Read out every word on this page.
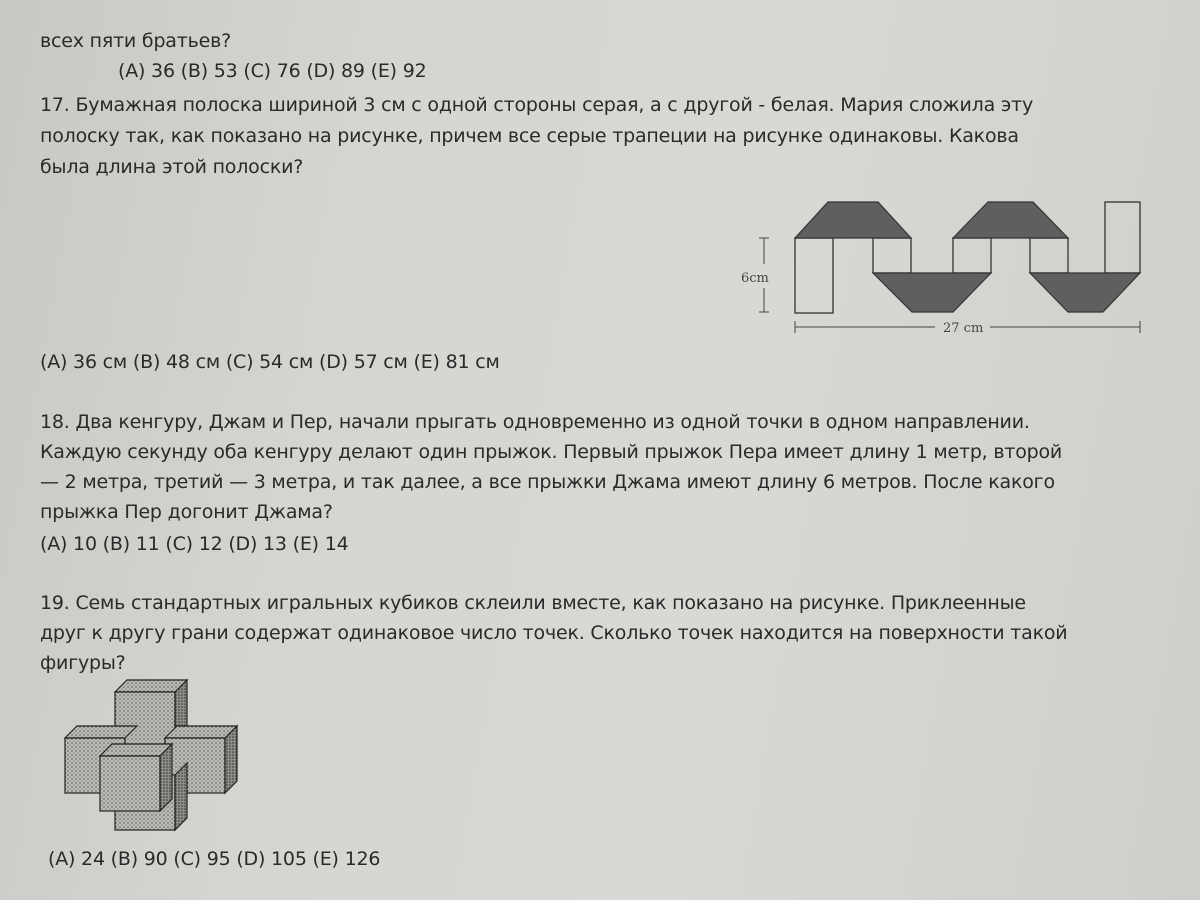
всех пяти братьев?
(A) 36 (B) 53 (C) 76 (D) 89 (E) 92
17. Бумажная полоска шириной 3 см с одной стороны серая, а с другой - белая. Мария сложила эту
полоску так, как показано на рисунке, причем все серые трапеции на рисунке одинаковы. Какова
была длина этой полоски?
6cm
27 cm
(A) 36 см (B) 48 см (C) 54 см (D) 57 см (E) 81 см
18. Два кенгуру, Джам и Пер, начали прыгать одновременно из одной точки в одном направлении.
Каждую секунду оба кенгуру делают один прыжок. Первый прыжок Пера имеет длину 1 метр, второй
— 2 метра, третий — 3 метра, и так далее, а все прыжки Джама имеют длину 6 метров. После какого
прыжка Пер догонит Джама?
(A) 10 (B) 11 (C) 12 (D) 13 (E) 14
19. Семь стандартных игральных кубиков склеили вместе, как показано на рисунке. Приклеенные
друг к другу грани содержат одинаковое число точек. Сколько точек находится на поверхности такой
фигуры?
(A) 24 (B) 90 (C) 95 (D) 105 (E) 126
